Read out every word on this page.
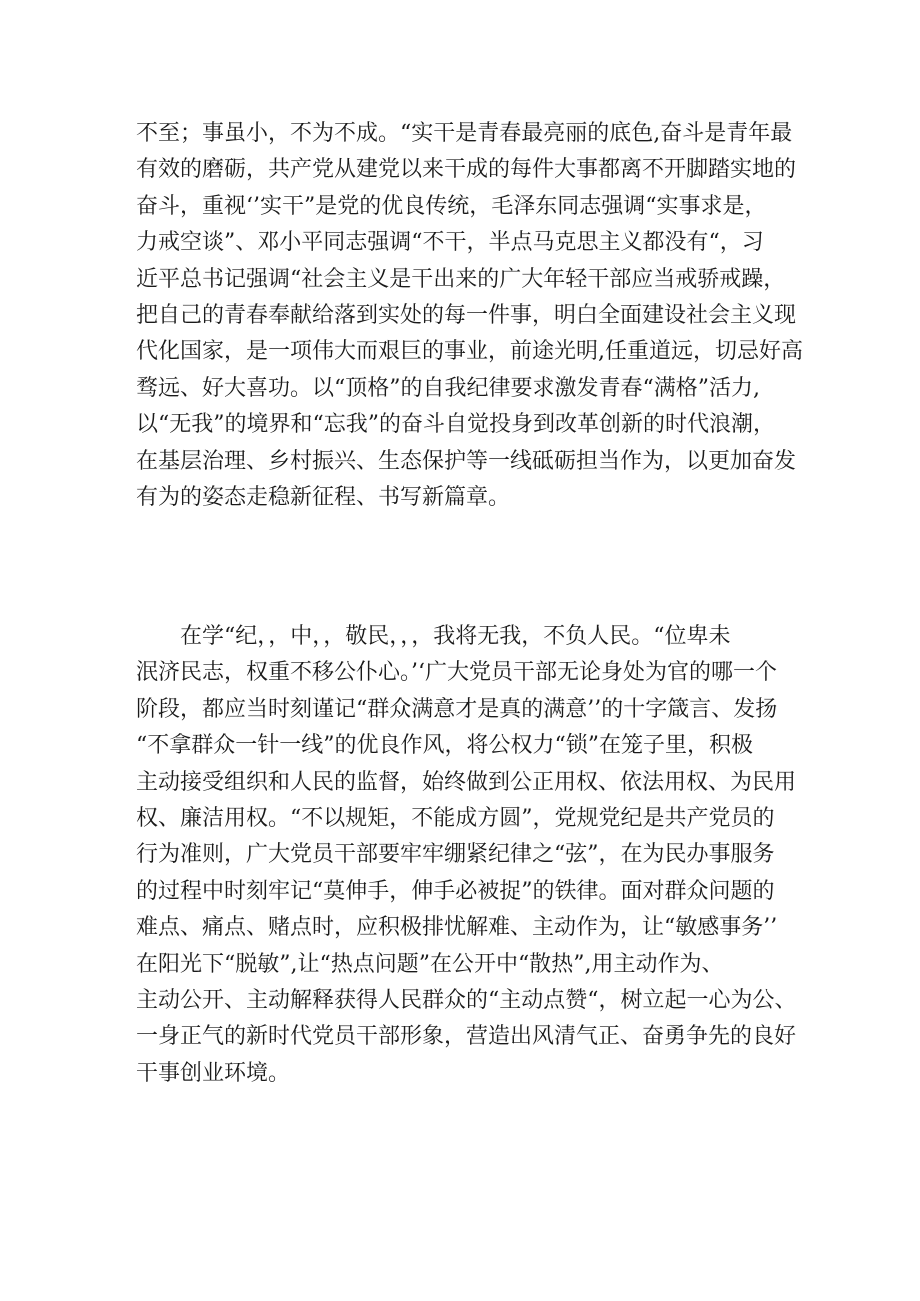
不至；事虽小，不为不成。“实干是青春最亮丽的底色,奋斗是青年最
有效的磨砺，共产党从建党以来干成的每件大事都离不开脚踏实地的
奋斗，重视‘’实干”是党的优良传统，毛泽东同志强调“实事求是，
力戒空谈”、邓小平同志强调“不干，半点马克思主义都没有“，习
近平总书记强调“社会主义是干出来的广大年轻干部应当戒骄戒躁，
把自己的青春奉献给落到实处的每一件事，明白全面建设社会主义现
代化国家，是一项伟大而艰巨的事业，前途光明,任重道远，切忌好高
骛远、好大喜功。以“顶格”的自我纪律要求激发青春“满格”活力,
以“无我”的境界和“忘我”的奋斗自觉投身到改革创新的时代浪潮，
在基层治理、乡村振兴、生态保护等一线砥砺担当作为，以更加奋发
有为的姿态走稳新征程、书写新篇章。
　　在学“纪，，中，，敬民，，，我将无我，不负人民。“位卑未
泯济民志，权重不移公仆心。’‘广大党员干部无论身处为官的哪一个
阶段，都应当时刻谨记“群众满意才是真的满意’’的十字箴言、发扬
“不拿群众一针一线”的优良作风，将公权力“锁”在笼子里，积极
主动接受组织和人民的监督，始终做到公正用权、依法用权、为民用
权、廉洁用权。“不以规矩，不能成方圆”，党规党纪是共产党员的
行为准则，广大党员干部要牢牢绷紧纪律之“弦”，在为民办事服务
的过程中时刻牢记“莫伸手，伸手必被捉”的铁律。面对群众问题的
难点、痛点、赌点时，应积极排忧解难、主动作为，让“敏感事务’’
在阳光下“脱敏”,让“热点问题”在公开中“散热”,用主动作为、
主动公开、主动解释获得人民群众的“主动点赞“，树立起一心为公、
一身正气的新时代党员干部形象，营造出风清气正、奋勇争先的良好
干事创业环境。
